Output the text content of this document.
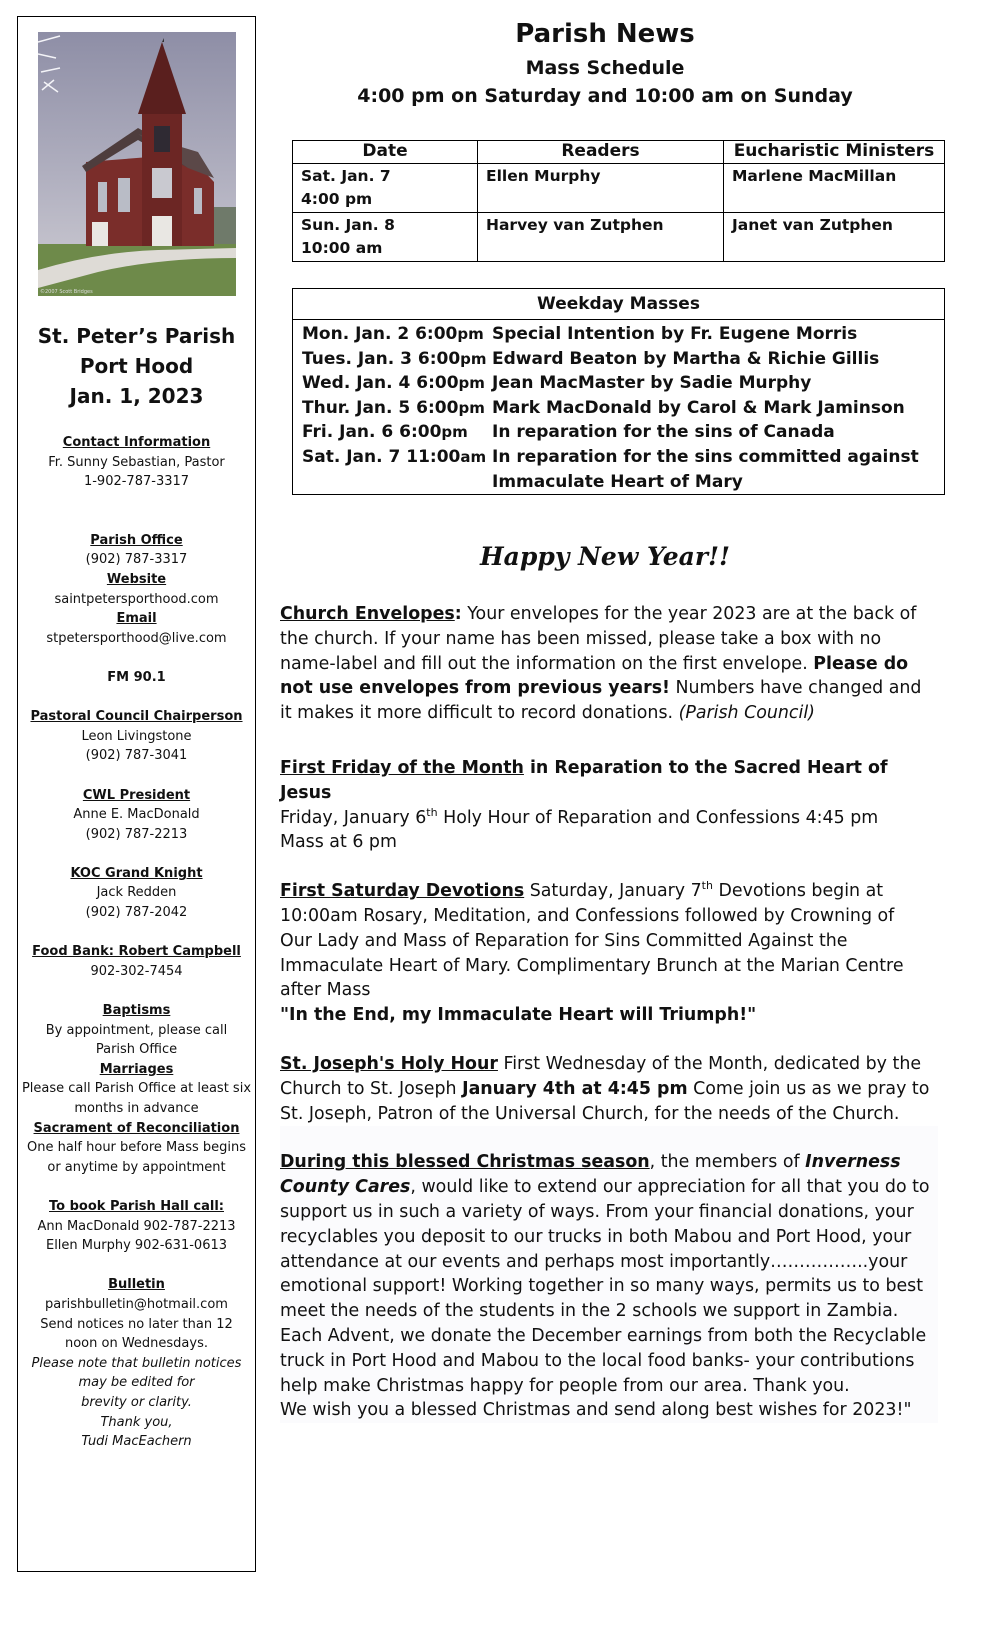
©2007 Scott Bridges
St. Peter’s Parish
Port Hood
Jan. 1, 2023
Contact Information
Fr. Sunny Sebastian, Pastor
1-902-787-3317
Parish Office
(902) 787-3317
Website
saintpetersporthood.com
Email
stpetersporthood@live.com
FM 90.1
Pastoral Council Chairperson
Leon Livingstone
(902) 787-3041
CWL President
Anne E. MacDonald
(902) 787-2213
KOC Grand Knight
Jack Redden
(902) 787-2042
Food Bank: Robert Campbell
902-302-7454
Baptisms
By appointment, please call
Parish Office
Marriages
Please call Parish Office at least six
months in advance
Sacrament of Reconciliation
One half hour before Mass begins
or anytime by appointment
To book Parish Hall call:
Ann MacDonald 902-787-2213
Ellen Murphy 902-631-0613
Bulletin
parishbulletin@hotmail.com
Send notices no later than 12
noon on Wednesdays.
Please note that bulletin notices
may be edited for
brevity or clarity.
Thank you,
Tudi MacEachern
Parish News
Mass Schedule
4:00 pm on Saturday and 10:00 am on Sunday
Date	Readers	Eucharistic Ministers

Sat. Jan. 7
4:00 pm	Ellen Murphy	Marlene MacMillan

Sun. Jan. 8
10:00 am	Harvey van Zutphen	Janet van Zutphen
Weekday Masses
Mon. Jan. 2 6:00pm Special Intention by Fr. Eugene Morris
Tues. Jan. 3 6:00pm Edward Beaton by Martha & Richie Gillis
Wed. Jan. 4 6:00pm Jean MacMaster by Sadie Murphy
Thur. Jan. 5 6:00pm Mark MacDonald by Carol & Mark Jaminson
Fri. Jan. 6 6:00pm	In reparation for the sins of Canada
Sat. Jan. 7 11:00am In reparation for the sins committed against
Immaculate Heart of Mary
Happy New Year!!
Church Envelopes: Your envelopes for the year 2023 are at the back of the church. If your name has been missed, please take a box with no name-label and fill out the information on the first envelope. Please do not use envelopes from previous years! Numbers have changed and it makes it more difficult to record donations. (Parish Council)
First Friday of the Month in Reparation to the Sacred Heart of Jesus
Friday, January 6th Holy Hour of Reparation and Confessions 4:45 pm
Mass at 6 pm
First Saturday Devotions Saturday, January 7th Devotions begin at 10:00am Rosary, Meditation, and Confessions followed by Crowning of Our Lady and Mass of Reparation for Sins Committed Against the Immaculate Heart of Mary. Complimentary Brunch at the Marian Centre after Mass
"In the End, my Immaculate Heart will Triumph!"
St. Joseph's Holy Hour First Wednesday of the Month, dedicated by the Church to St. Joseph January 4th at 4:45 pm Come join us as we pray to St. Joseph, Patron of the Universal Church, for the needs of the Church.
During this blessed Christmas season, the members of Inverness County Cares, would like to extend our appreciation for all that you do to support us in such a variety of ways. From your financial donations, your recyclables you deposit to our trucks in both Mabou and Port Hood, your attendance at our events and perhaps most importantly……………..your emotional support! Working together in so many ways, permits us to best meet the needs of the students in the 2 schools we support in Zambia.
Each Advent, we donate the December earnings from both the Recyclable truck in Port Hood and Mabou to the local food banks- your contributions help make Christmas happy for people from our area. Thank you.
We wish you a blessed Christmas and send along best wishes for 2023!"
